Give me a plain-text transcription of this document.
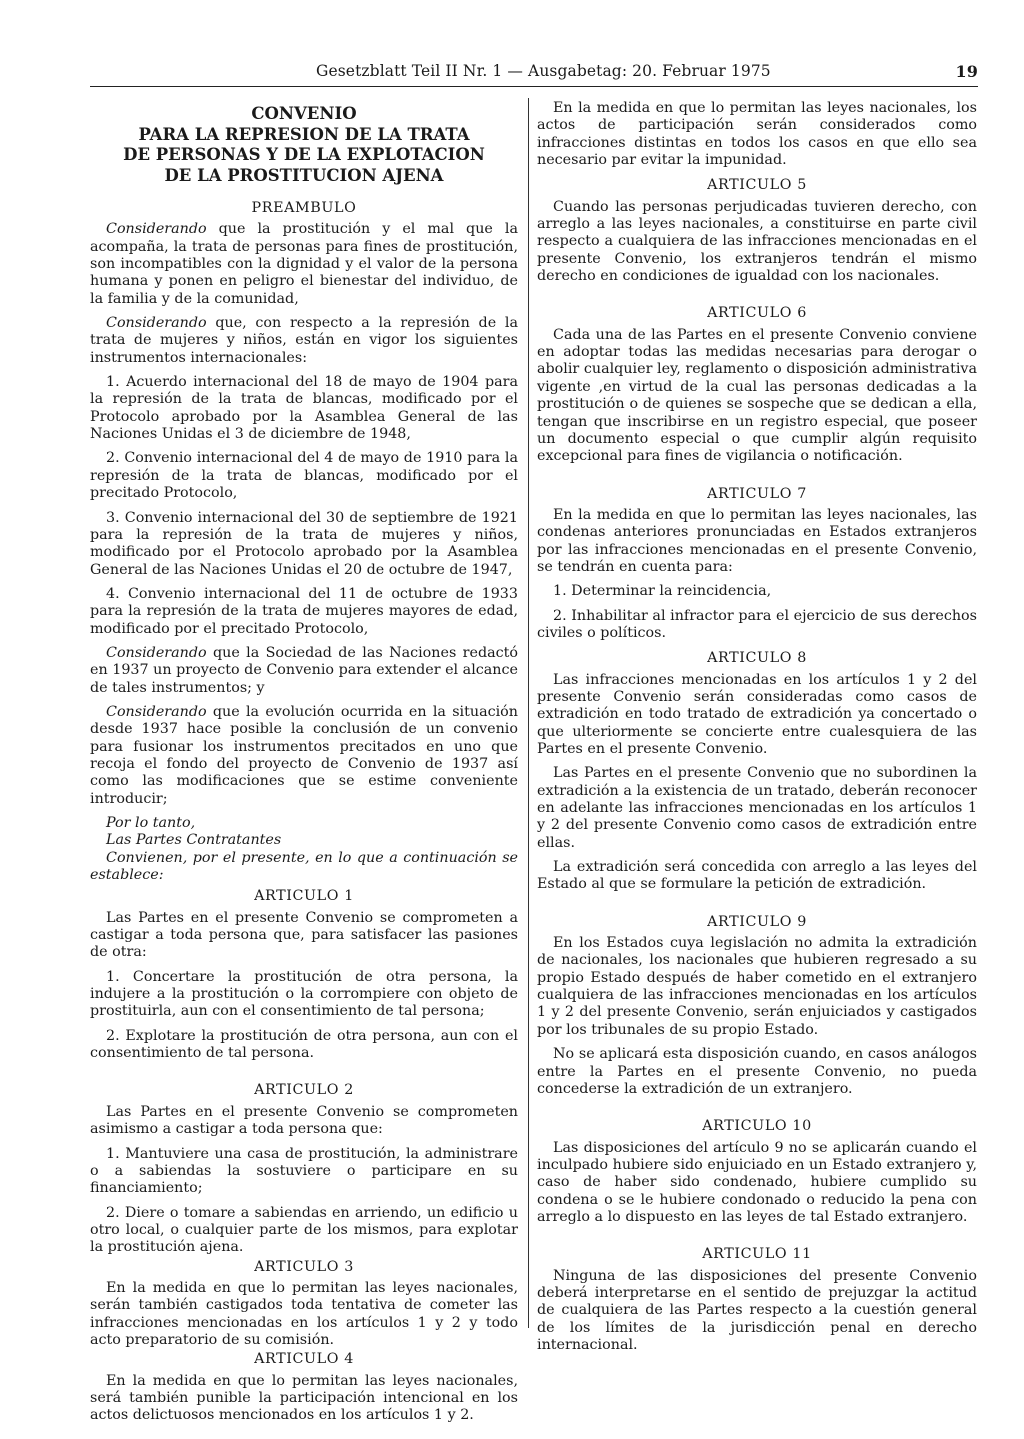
Gesetzblatt Teil II Nr. 1 — Ausgabetag: 20. Februar 1975	19
CONVENIO
PARA LA REPRESION DE LA TRATA
DE PERSONAS Y DE LA EXPLOTACION
DE LA PROSTITUCION AJENA
PREAMBULO

Considerando que la prostitución y el mal que la acompaña, la trata de personas para fines de prostitución, son incompatibles con la dignidad y el valor de la persona humana y ponen en peligro el bienestar del individuo, de la familia y de la comunidad,

Considerando que, con respecto a la represión de la trata de mujeres y niños, están en vigor los siguientes instrumentos internacionales:

1. Acuerdo internacional del 18 de mayo de 1904 para la represión de la trata de blancas, modificado por el Protocolo aprobado por la Asamblea General de las Naciones Unidas el 3 de diciembre de 1948,

2. Convenio internacional del 4 de mayo de 1910 para la represión de la trata de blancas, modificado por el precitado Protocolo,

3. Convenio internacional del 30 de septiembre de 1921 para la represión de la trata de mujeres y niños, modificado por el Protocolo aprobado por la Asamblea General de las Naciones Unidas el 20 de octubre de 1947,

4. Convenio internacional del 11 de octubre de 1933 para la represión de la trata de mujeres mayores de edad, modificado por el precitado Protocolo,

Considerando que la Sociedad de las Naciones redactó en 1937 un proyecto de Convenio para extender el alcance de tales instrumentos; y

Considerando que la evolución ocurrida en la situación desde 1937 hace posible la conclusión de un convenio para fusionar los instrumentos precitados en uno que recoja el fondo del proyecto de Convenio de 1937 así como las modificaciones que se estime conveniente introducir;

Por lo tanto,
Las Partes Contratantes

Convienen, por el presente, en lo que a continuación se establece:

ARTICULO 1

Las Partes en el presente Convenio se comprometen a castigar a toda persona que, para satisfacer las pasiones de otra:

1. Concertare la prostitución de otra persona, la indujere a la prostitución o la corrompiere con objeto de prostituirla, aun con el consentimiento de tal persona;

2. Explotare la prostitución de otra persona, aun con el consentimiento de tal persona.

ARTICULO 2

Las Partes en el presente Convenio se comprometen asimismo a castigar a toda persona que:

1. Mantuviere una casa de prostitución, la administrare o a sabiendas la sostuviere o participare en su financiamiento;

2. Diere o tomare a sabiendas en arriendo, un edificio u otro local, o cualquier parte de los mismos, para explotar la prostitución ajena.

ARTICULO 3

En la medida en que lo permitan las leyes nacionales, serán también castigados toda tentativa de cometer las infracciones mencionadas en los artículos 1 y 2 y todo acto preparatorio de su comisión.

ARTICULO 4

En la medida en que lo permitan las leyes nacionales, será también punible la participación intencional en los actos delictuosos mencionados en los artículos 1 y 2.

En la medida en que lo permitan las leyes nacionales, los actos de participación serán considerados como infracciones distintas en todos los casos en que ello sea necesario par evitar la impunidad.

ARTICULO 5

Cuando las personas perjudicadas tuvieren derecho, con arreglo a las leyes nacionales, a constituirse en parte civil respecto a cualquiera de las infracciones mencionadas en el presente Convenio, los extranjeros tendrán el mismo derecho en condiciones de igualdad con los nacionales.

ARTICULO 6

Cada una de las Partes en el presente Convenio conviene en adoptar todas las medidas necesarias para derogar o abolir cualquier ley, reglamento o disposición administrativa vigente ,en virtud de la cual las personas dedicadas a la prostitución o de quienes se sospeche que se dedican a ella, tengan que inscribirse en un registro especial, que poseer un documento especial o que cumplir algún requisito excepcional para fines de vigilancia o notificación.

ARTICULO 7

En la medida en que lo permitan las leyes nacionales, las condenas anteriores pronunciadas en Estados extranjeros por las infracciones mencionadas en el presente Convenio, se tendrán en cuenta para:

1. Determinar la reincidencia,

2. Inhabilitar al infractor para el ejercicio de sus derechos civiles o políticos.

ARTICULO 8

Las infracciones mencionadas en los artículos 1 y 2 del presente Convenio serán consideradas como casos de extradición en todo tratado de extradición ya concertado o que ulteriormente se concierte entre cualesquiera de las Partes en el presente Convenio.

Las Partes en el presente Convenio que no subordinen la extradición a la existencia de un tratado, deberán reconocer en adelante las infracciones mencionadas en los artículos 1 y 2 del presente Convenio como casos de extradición entre ellas.

La extradición será concedida con arreglo a las leyes del Estado al que se formulare la petición de extradición.

ARTICULO 9

En los Estados cuya legislación no admita la extradición de nacionales, los nacionales que hubieren regresado a su propio Estado después de haber cometido en el extranjero cualquiera de las infracciones mencionadas en los artículos 1 y 2 del presente Convenio, serán enjuiciados y castigados por los tribunales de su propio Estado.

No se aplicará esta disposición cuando, en casos análogos entre la Partes en el presente Convenio, no pueda concederse la extradición de un extranjero.

ARTICULO 10

Las disposiciones del artículo 9 no se aplicarán cuando el inculpado hubiere sido enjuiciado en un Estado extranjero y, caso de haber sido condenado, hubiere cumplido su condena o se le hubiere condonado o reducido la pena con arreglo a lo dispuesto en las leyes de tal Estado extranjero.

ARTICULO 11

Ninguna de las disposiciones del presente Convenio deberá interpretarse en el sentido de prejuzgar la actitud de cualquiera de las Partes respecto a la cuestión general de los límites de la jurisdicción penal en derecho internacional.
